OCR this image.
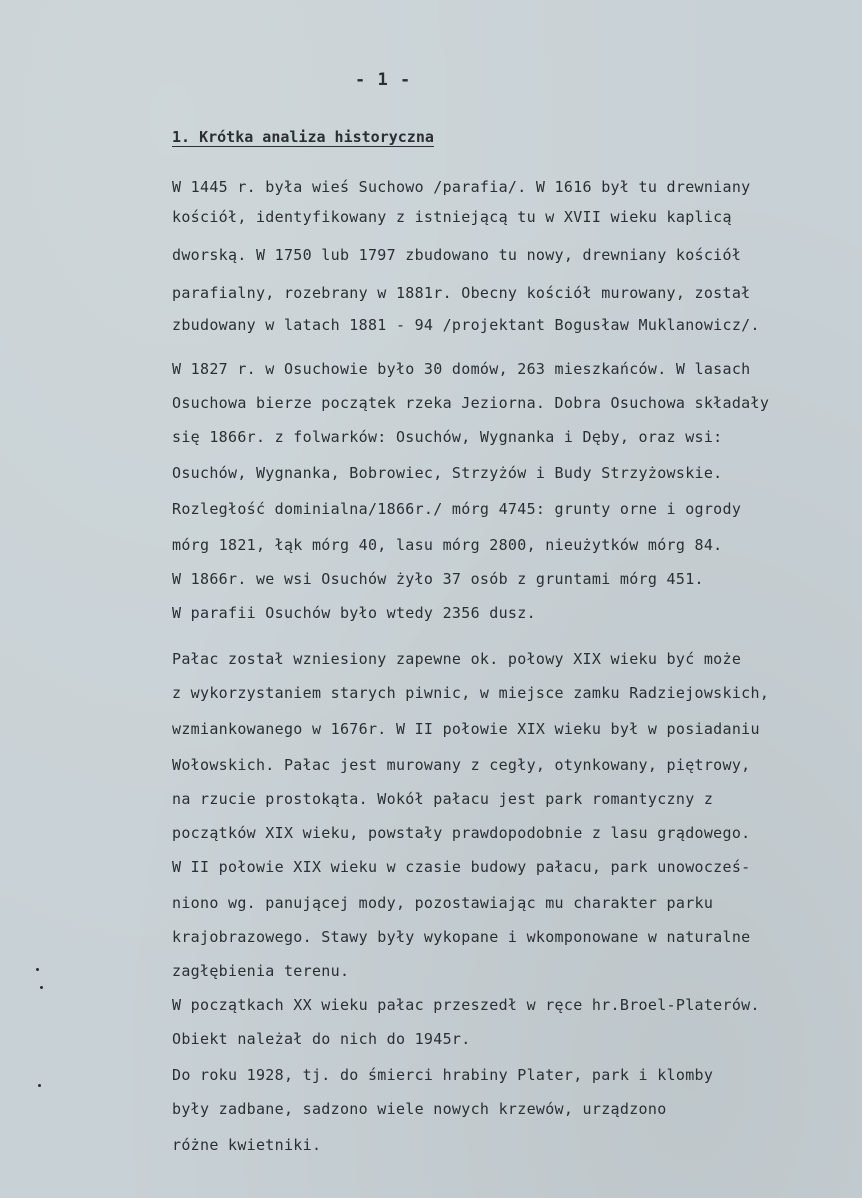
- 1 -
1. Krótka analiza historyczna
W 1445 r. była wieś Suchowo /parafia/. W 1616 był tu drewniany
kościół, identyfikowany z istniejącą tu w XVII wieku kaplicą
dworską. W 1750 lub 1797 zbudowano tu nowy, drewniany kościół
parafialny, rozebrany w 1881r. Obecny kościół murowany, został
zbudowany w latach 1881 - 94 /projektant Bogusław Muklanowicz/.
W 1827 r. w Osuchowie było 30 domów, 263 mieszkańców. W lasach
Osuchowa bierze początek rzeka Jeziorna. Dobra Osuchowa składały
się 1866r. z folwarków: Osuchów, Wygnanka i Dęby, oraz wsi:
Osuchów, Wygnanka, Bobrowiec, Strzyżów i Budy Strzyżowskie.
Rozległość dominialna/1866r./ mórg 4745: grunty orne i ogrody
mórg 1821, łąk mórg 40, lasu mórg 2800, nieużytków mórg 84.
W 1866r. we wsi Osuchów żyło 37 osób z gruntami mórg 451.
W parafii Osuchów było wtedy 2356 dusz.
Pałac został wzniesiony zapewne ok. połowy XIX wieku być może
z wykorzystaniem starych piwnic, w miejsce zamku Radziejowskich,
wzmiankowanego w 1676r. W II połowie XIX wieku był w posiadaniu
Wołowskich. Pałac jest murowany z cegły, otynkowany, piętrowy,
na rzucie prostokąta. Wokół pałacu jest park romantyczny z
początków XIX wieku, powstały prawdopodobnie z lasu grądowego.
W II połowie XIX wieku w czasie budowy pałacu, park unowocześ-
niono wg. panującej mody, pozostawiając mu charakter parku
krajobrazowego. Stawy były wykopane i wkomponowane w naturalne
zagłębienia terenu.
W początkach XX wieku pałac przeszedł w ręce hr.Broel-Platerów.
Obiekt należał do nich do 1945r.
Do roku 1928, tj. do śmierci hrabiny Plater, park i klomby
były zadbane, sadzono wiele nowych krzewów, urządzono
różne kwietniki.
